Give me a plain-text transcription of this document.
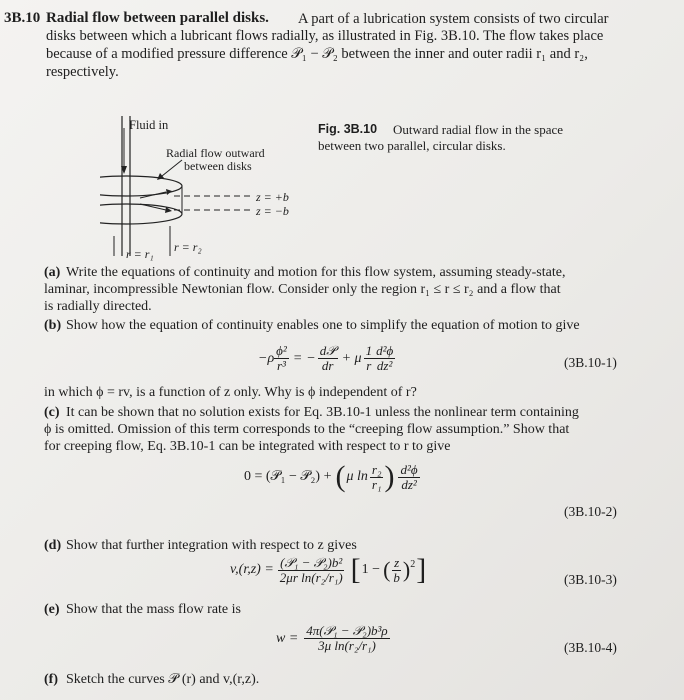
3B.10 Radial flow between parallel disks. A part of a lubrication system consists of two circular
disks between which a lubricant flows radially, as illustrated in Fig. 3B.10. The flow takes place
because of a modified pressure difference 𝒫₁ − 𝒫₂ between the inner and outer radii r₁ and r₂,
respectively.
Fluid in
Radial flow outward
between disks
z = +b
z = −b
r = r₁ r = r₂
Fig. 3B.10 Outward radial flow in the space
between two parallel, circular disks.
(a) Write the equations of continuity and motion for this flow system, assuming steady-state,
laminar, incompressible Newtonian flow. Consider only the region r₁ ≤ r ≤ r₂ and a flow that
is radially directed.
(b) Show how the equation of continuity enables one to simplify the equation of motion to give
$-\rho \frac{\text{ϕ²}}{\text{r³}}$ = − $\frac{\text{d𝒫}}{dr} + \mu \frac{1}{r} \frac{\text{d²ϕ}}{\text{dz²}}$	(3B.10-1)
in which ϕ = rv, is a function of z only. Why is ϕ independent of r?
(c) It can be shown that no solution exists for Eq. 3B.10-1 unless the nonlinear term containing
ϕ is omitted. Omission of this term corresponds to the “creeping flow assumption.” Show that
for creeping flow, Eq. 3B.10-1 can be integrated with respect to r to give
0 = (𝒫₁ − 𝒫₂) + ( μ $\ln \frac{\text{r₂}}{\text{r₁}}$ ) $\frac{\text{d²ϕ}}{\text{dz²}}$
(3B.10-2)
(d) Show that further integration with respect to z gives
$v,(r,z) = \frac{\text{(𝒫₁ − 𝒫₂)b²}}{\text{2μr ln(r₂/r₁)}}$ [ 1 − ( $\frac{z}{b} )^2$ ]	(3B.10-3)
(e) Show that the mass flow rate is
$w = \frac{\text{4π(𝒫₁ − 𝒫₂)b³ρ}}{\text{3μ ln(r₂/r₁)}}$	(3B.10-4)
(f) Sketch the curves 𝒫 (r) and v,(r,z).
